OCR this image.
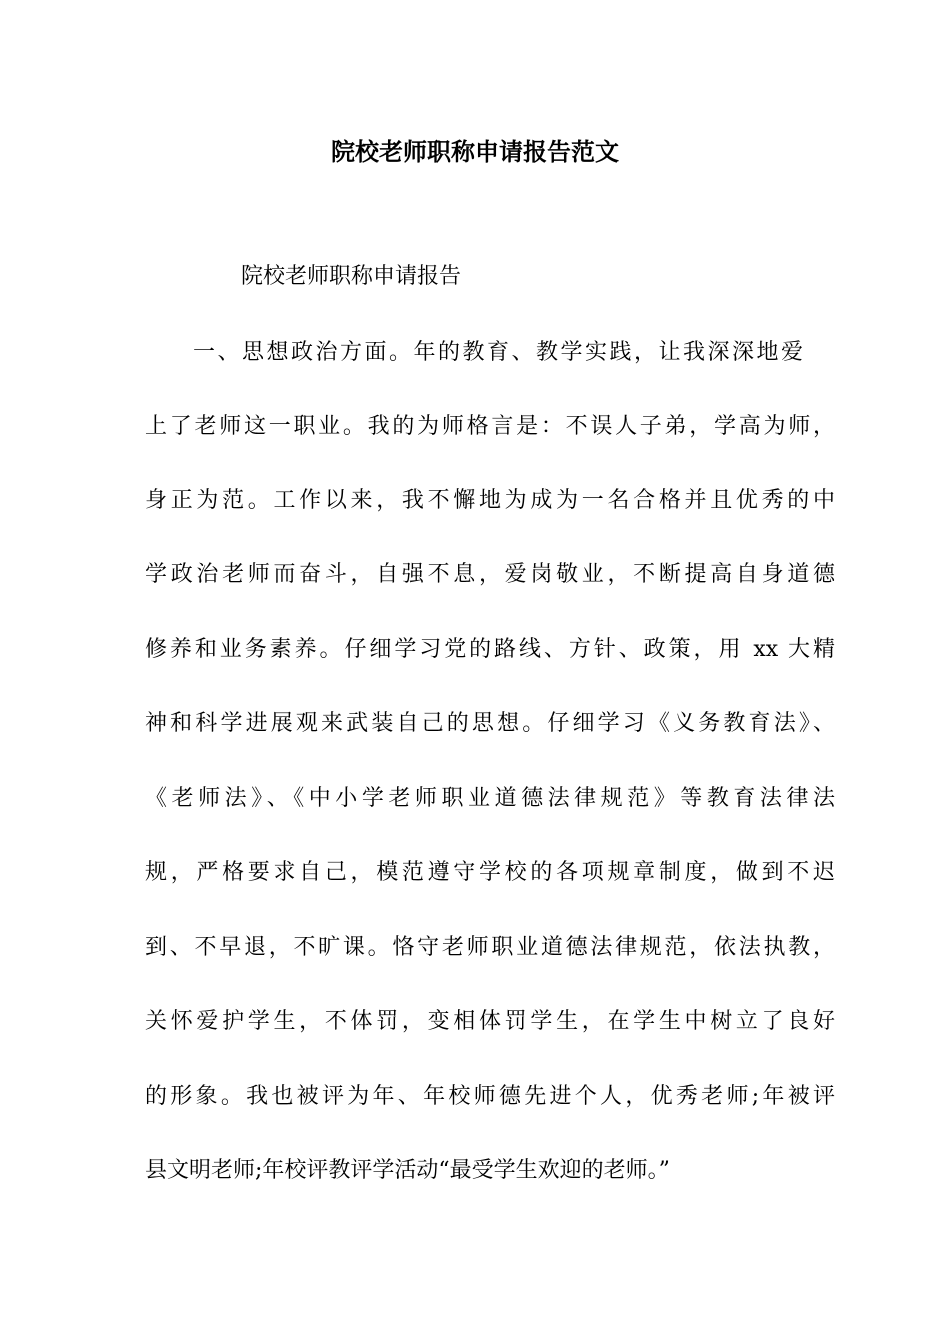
院校老师职称申请报告范文
院校老师职称申请报告
一、思想政治方面。年的教育、教学实践，让我深深地爱
上了老师这一职业。我的为师格言是：不误人子弟，学高为师，
身正为范。工作以来，我不懈地为成为一名合格并且优秀的中
学政治老师而奋斗，自强不息，爱岗敬业，不断提高自身道德
修养和业务素养。仔细学习党的路线、方针、政策，用 xx 大精
神和科学进展观来武装自己的思想。仔细学习《义务教育法》、
《老师法》、《中小学老师职业道德法律规范》等教育法律法
规，严格要求自己，模范遵守学校的各项规章制度，做到不迟
到、不早退，不旷课。恪守老师职业道德法律规范，依法执教，
关怀爱护学生，不体罚，变相体罚学生，在学生中树立了良好
的形象。我也被评为年、年校师德先进个人，优秀老师;年被评
县文明老师;年校评教评学活动“最受学生欢迎的老师。”
